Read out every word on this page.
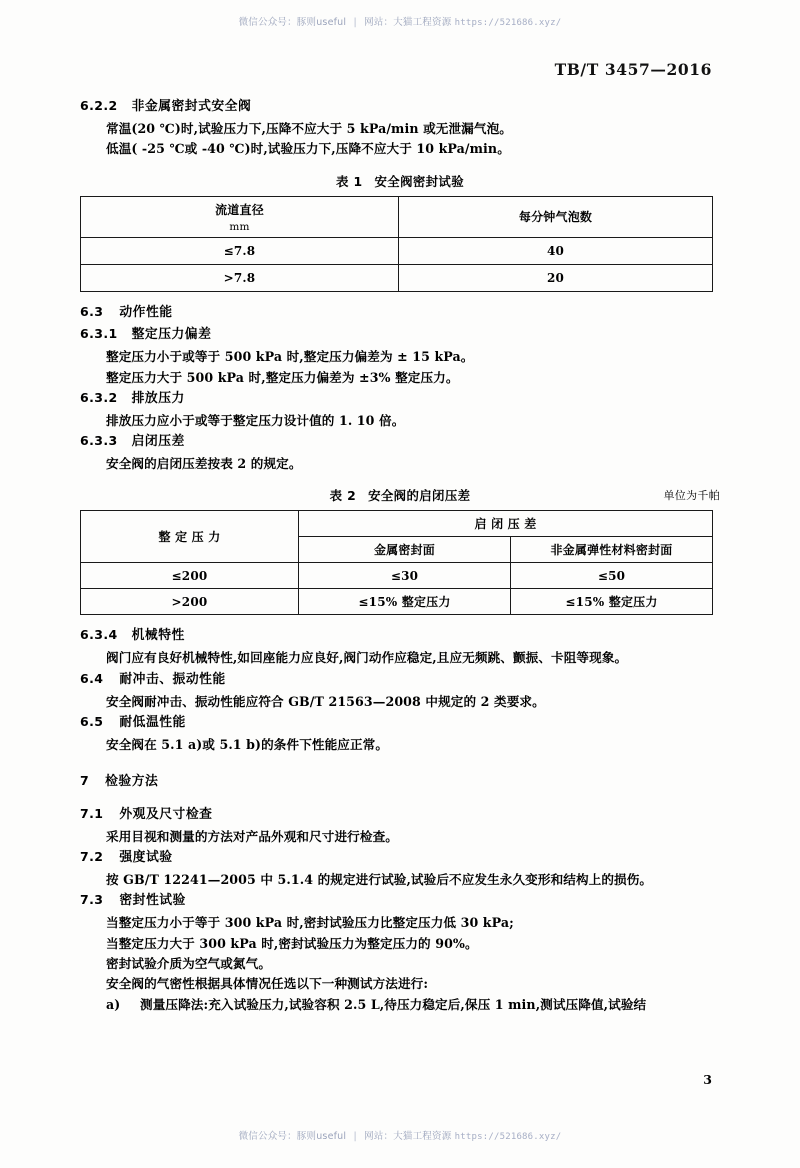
微信公众号：豚则useful | 网站：大猫工程资源 https://521686.xyz/
TB/T 3457—2016
6.2.2 非金属密封式安全阀
常温(20 ℃)时,试验压力下,压降不应大于 5 kPa/min 或无泄漏气泡。
低温( -25 ℃或 -40 ℃)时,试验压力下,压降不应大于 10 kPa/min。
表 1 安全阀密封试验
流道直径
mm	每分钟气泡数
≤7.8	40
>7.8	20
6.3 动作性能
6.3.1 整定压力偏差
整定压力小于或等于 500 kPa 时,整定压力偏差为 ± 15 kPa。
整定压力大于 500 kPa 时,整定压力偏差为 ±3% 整定压力。
6.3.2 排放压力
排放压力应小于或等于整定压力设计值的 1. 10 倍。
6.3.3 启闭压差
安全阀的启闭压差按表 2 的规定。
表 2 安全阀的启闭压差	单位为千帕
整 定 压 力	启 闭 压 差	
	金属密封面	非金属弹性材料密封面
≤200	≤30	≤50
>200	≤15% 整定压力	≤15% 整定压力
6.3.4 机械特性
阀门应有良好机械特性,如回座能力应良好,阀门动作应稳定,且应无频跳、颤振、卡阻等现象。
6.4 耐冲击、振动性能
安全阀耐冲击、振动性能应符合 GB/T 21563—2008 中规定的 2 类要求。
6.5 耐低温性能
安全阀在 5.1 a)或 5.1 b)的条件下性能应正常。
7 检验方法
7.1 外观及尺寸检查
采用目视和测量的方法对产品外观和尺寸进行检查。
7.2 强度试验
按 GB/T 12241—2005 中 5.1.4 的规定进行试验,试验后不应发生永久变形和结构上的损伤。
7.3 密封性试验
当整定压力小于等于 300 kPa 时,密封试验压力比整定压力低 30 kPa;
当整定压力大于 300 kPa 时,密封试验压力为整定压力的 90%。
密封试验介质为空气或氮气。
安全阀的气密性根据具体情况任选以下一种测试方法进行:
a) 测量压降法:充入试验压力,试验容积 2.5 L,待压力稳定后,保压 1 min,测试压降值,试验结
3
微信公众号：豚则useful | 网站：大猫工程资源 https://521686.xyz/
